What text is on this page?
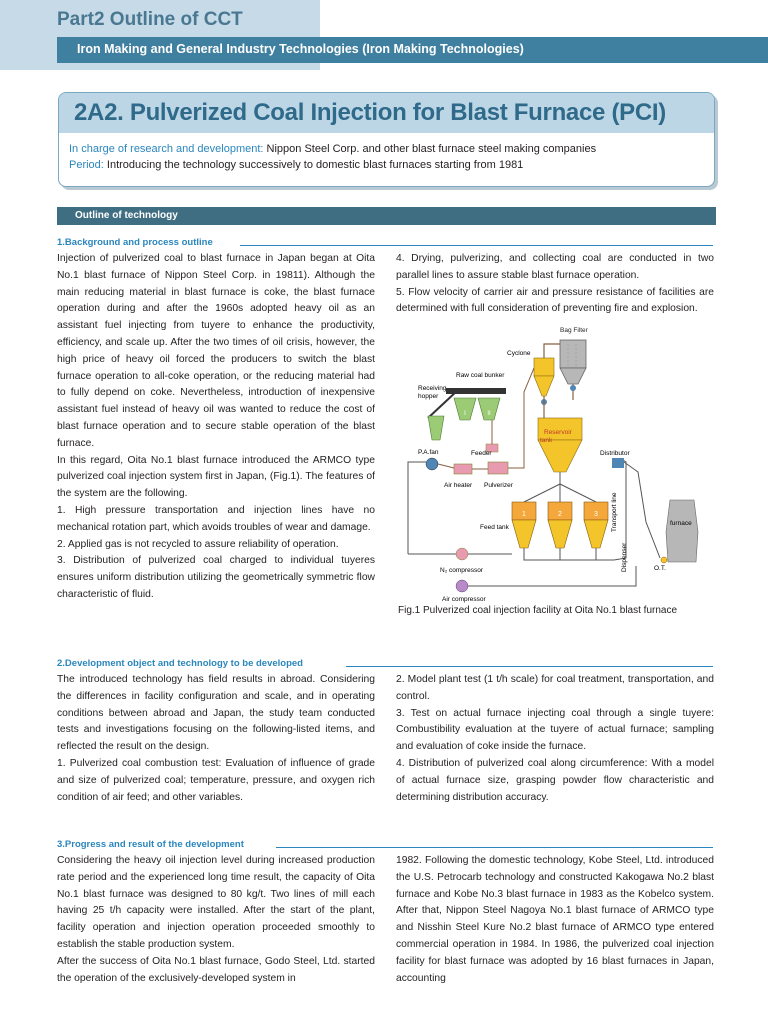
Part2 Outline of CCT
Iron Making and General Industry Technologies (Iron Making Technologies)
2A2. Pulverized Coal Injection for Blast Furnace (PCI)
In charge of research and development: Nippon Steel Corp. and other blast furnace steel making companies
Period: Introducing the technology successively to domestic blast furnaces starting from 1981
Outline of technology
1.Background and process outline

Injection of pulverized coal to blast furnace in Japan began at Oita No.1 blast furnace of Nippon Steel Corp. in 19811). Although the main reducing material in blast furnace is coke, the blast furnace operation during and after the 1960s adopted heavy oil as an assistant fuel injecting from tuyere to enhance the productivity, efficiency, and scale up. After the two times of oil crisis, however, the high price of heavy oil forced the producers to switch the blast furnace operation to all-coke operation, or the reducing material had to fully depend on coke. Nevertheless, introduction of inexpensive assistant fuel instead of heavy oil was wanted to reduce the cost of blast furnace operation and to secure stable operation of the blast furnace.

In this regard, Oita No.1 blast furnace introduced the ARMCO type pulverized coal injection system first in Japan, (Fig.1). The features of the system are the following.

1. High pressure transportation and injection lines have no mechanical rotation part, which avoids troubles of wear and damage.

2. Applied gas is not recycled to assure reliability of operation.

3. Distribution of pulverized coal charged to individual tuyeres ensures uniform distribution utilizing the geometrically symmetric flow characteristic of fluid.

4. Drying, pulverizing, and collecting coal are conducted in two parallel lines to assure stable blast furnace operation.

5. Flow velocity of carrier air and pressure resistance of facilities are determined with full consideration of preventing fire and explosion.

Bag Filter
Cyclone
I	II
Raw coal bunker
Receiving
hopper
Reservoir
tank
Feeder
Pulverizer
P.A.fan
Air heater
1	2	3
Feed tank	Transport line
Dispenser
Distributor
furnace
O.T.
N₂ compressor
Air compressor
Fig.1 Pulverized coal injection facility at Oita No.1 blast furnace
2.Development object and technology to be developed

The introduced technology has field results in abroad. Considering the differences in facility configuration and scale, and in operating conditions between abroad and Japan, the study team conducted tests and investigations focusing on the following-listed items, and reflected the result on the design.

1. Pulverized coal combustion test: Evaluation of influence of grade and size of pulverized coal; temperature, pressure, and oxygen rich condition of air feed; and other variables.

2. Model plant test (1 t/h scale) for coal treatment, transportation, and control.

3. Test on actual furnace injecting coal through a single tuyere: Combustibility evaluation at the tuyere of actual furnace; sampling and evaluation of coke inside the furnace.

4. Distribution of pulverized coal along circumference: With a model of actual furnace size, grasping powder flow characteristic and determining distribution accuracy.

3.Progress and result of the development

Considering the heavy oil injection level during increased production rate period and the experienced long time result, the capacity of Oita No.1 blast furnace was designed to 80 kg/t. Two lines of mill each having 25 t/h capacity were installed. After the start of the plant, facility operation and injection operation proceeded smoothly to establish the stable production system.

After the success of Oita No.1 blast furnace, Godo Steel, Ltd. started the operation of the exclusively-developed system in

1982. Following the domestic technology, Kobe Steel, Ltd. introduced the U.S. Petrocarb technology and constructed Kakogawa No.2 blast furnace and Kobe No.3 blast furnace in 1983 as the Kobelco system. After that, Nippon Steel Nagoya No.1 blast furnace of ARMCO type and Nisshin Steel Kure No.2 blast furnace of ARMCO type entered commercial operation in 1984. In 1986, the pulverized coal injection facility for blast furnace was adopted by 16 blast furnaces in Japan, accounting
